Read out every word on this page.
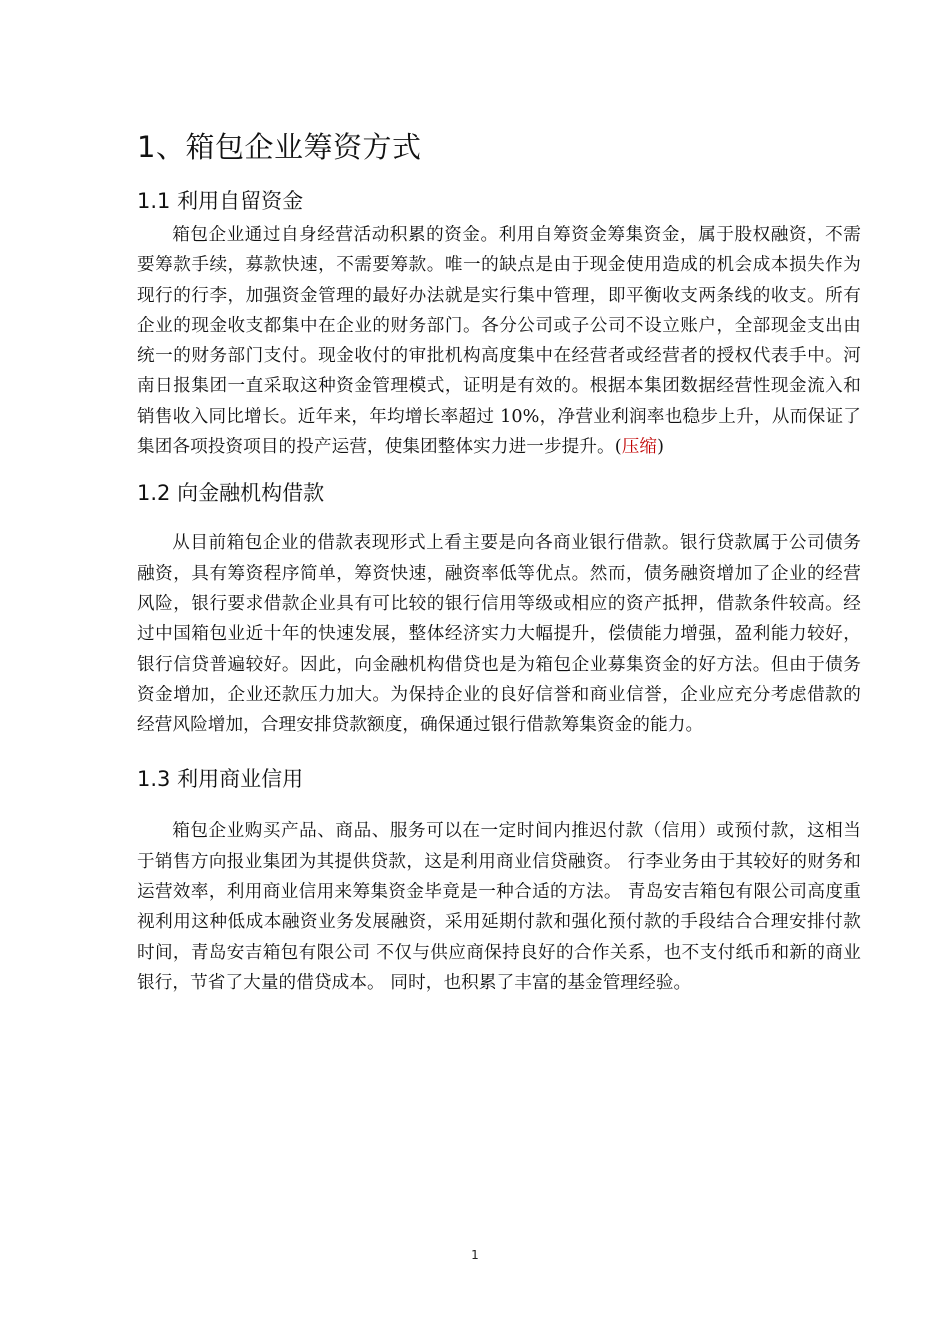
1、箱包企业筹资方式
1.1 利用自留资金

箱包企业通过自身经营活动积累的资金。利用自筹资金筹集资金，属于股权融资，不需要筹款手续，募款快速，不需要筹款。唯一的缺点是由于现金使用造成的机会成本损失作为现行的行李，加强资金管理的最好办法就是实行集中管理，即平衡收支两条线的收支。所有企业的现金收支都集中在企业的财务部门。各分公司或子公司不设立账户，全部现金支出由统一的财务部门支付。现金收付的审批机构高度集中在经营者或经营者的授权代表手中。河南日报集团一直采取这种资金管理模式，证明是有效的。根据本集团数据经营性现金流入和销售收入同比增长。近年来，年均增长率超过 10%，净营业利润率也稳步上升，从而保证了集团各项投资项目的投产运营，使集团整体实力进一步提升。(压缩)

1.2 向金融机构借款

从目前箱包企业的借款表现形式上看主要是向各商业银行借款。银行贷款属于公司债务融资，具有筹资程序简单，筹资快速，融资率低等优点。然而，债务融资增加了企业的经营风险，银行要求借款企业具有可比较的银行信用等级或相应的资产抵押，借款条件较高。经过中国箱包业近十年的快速发展，整体经济实力大幅提升，偿债能力增强，盈利能力较好，银行信贷普遍较好。因此，向金融机构借贷也是为箱包企业募集资金的好方法。但由于债务资金增加，企业还款压力加大。为保持企业的良好信誉和商业信誉，企业应充分考虑借款的经营风险增加，合理安排贷款额度，确保通过银行借款筹集资金的能力。

1.3 利用商业信用

箱包企业购买产品、商品、服务可以在一定时间内推迟付款（信用）或预付款，这相当于销售方向报业集团为其提供贷款，这是利用商业信贷融资。 行李业务由于其较好的财务和运营效率，利用商业信用来筹集资金毕竟是一种合适的方法。 青岛安吉箱包有限公司高度重视利用这种低成本融资业务发展融资，采用延期付款和强化预付款的手段结合合理安排付款时间，青岛安吉箱包有限公司 不仅与供应商保持良好的合作关系，也不支付纸币和新的商业银行，节省了大量的借贷成本。 同时，也积累了丰富的基金管理经验。

1
